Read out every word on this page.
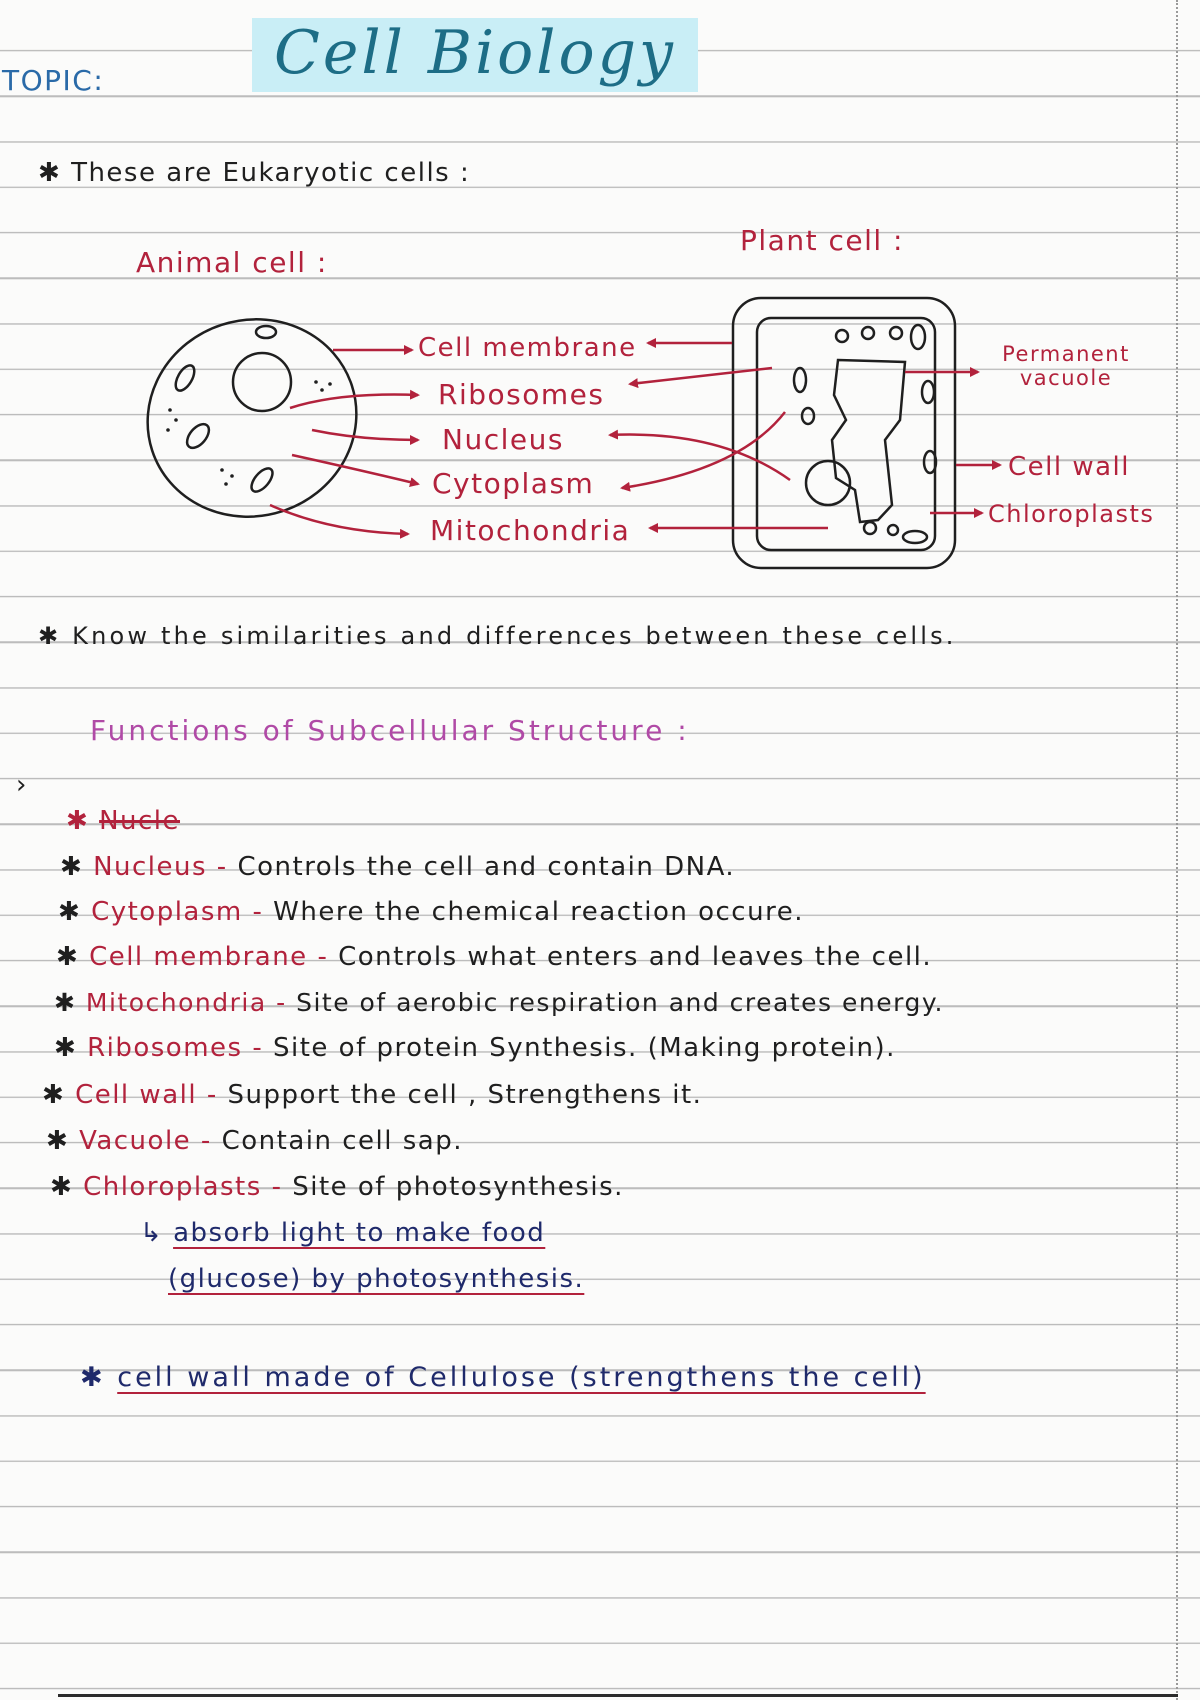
TOPIC:	Cell Biology
✱ These are Eukaryotic cells :
Animal cell :
Plant cell :
Cell membrane
Ribosomes
Nucleus
Cytoplasm
Mitochondria
Permanent vacuole
Cell wall
Chloroplasts
✱ Know the similarities and differences between these cells.
Functions of Subcellular Structure :
›
✱ Nucle
✱ Nucleus - Controls the cell and contain DNA.
✱ Cytoplasm - Where the chemical reaction occure.
✱ Cell membrane - Controls what enters and leaves the cell.
✱ Mitochondria - Site of aerobic respiration and creates energy.
✱ Ribosomes - Site of protein Synthesis. (Making protein).
✱ Cell wall - Support the cell , Strengthens it.
✱ Vacuole - Contain cell sap.
✱ Chloroplasts - Site of photosynthesis.
↳ absorb light to make food
(glucose) by photosynthesis.
✱ cell wall made of Cellulose (strengthens the cell)
